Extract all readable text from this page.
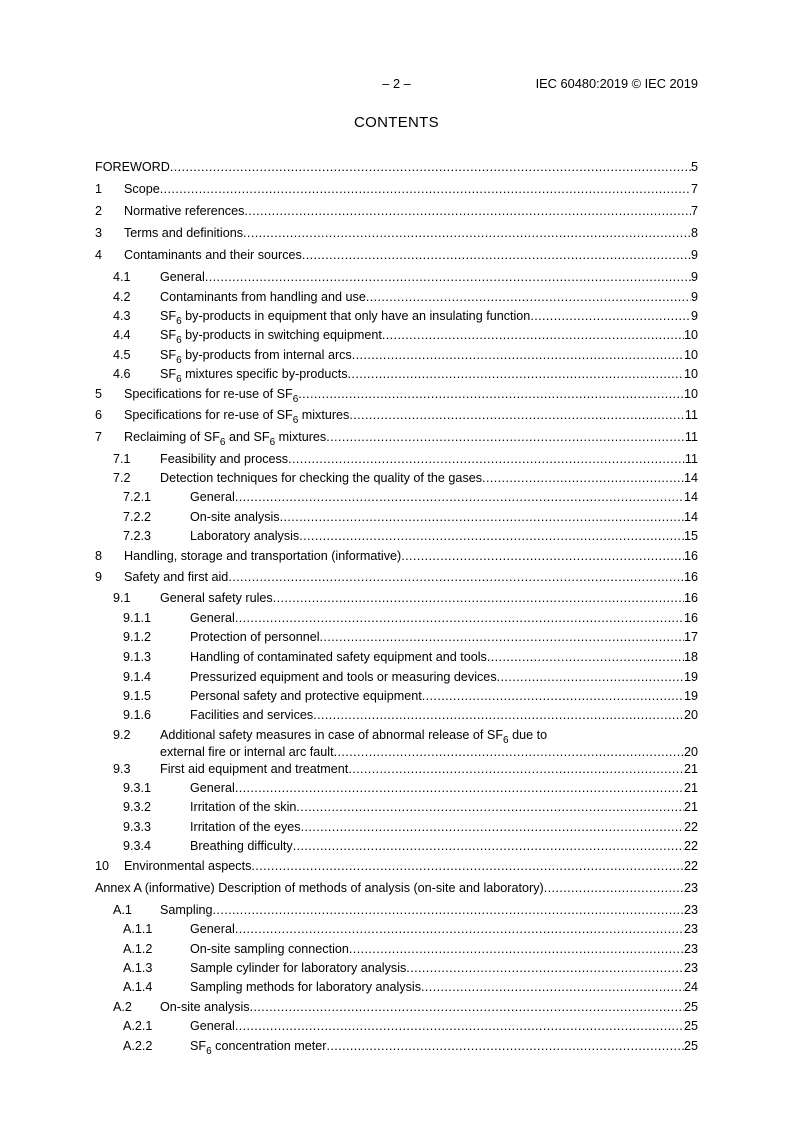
– 2 –	IEC 60480:2019 © IEC 2019
CONTENTS
FOREWORD .....	5
1	Scope .....	7
2	Normative references .....	7
3	Terms and definitions .....	8
4	Contaminants and their sources .....	9
4.1	General .....	9
4.2	Contaminants from handling and use .....	9
4.3	$SF_6$ by-products in equipment that only have an insulating function .....	9
4.4	$SF_6$ by-products in switching equipment .....	10
4.5	$SF_6$ by-products from internal arcs .....	10
4.6	$SF_6$ mixtures specific by-products .....	10
5	Specifications for re-use of $SF_6$ .....	10
6	Specifications for re-use of $SF_6$ mixtures .....	11
7	Reclaiming of $SF_6$ and $SF_6$ mixtures .....	11
7.1	Feasibility and process .....	11
7.2	Detection techniques for checking the quality of the gases .....	14
7.2.1	General .....	14
7.2.2	On-site analysis .....	14
7.2.3	Laboratory analysis .....	15
8	Handling, storage and transportation (informative) .....	16
9	Safety and first aid .....	16
9.1	General safety rules .....	16
9.1.1	General .....	16
9.1.2	Protection of personnel .....	17
9.1.3	Handling of contaminated safety equipment and tools .....	18
9.1.4	Pressurized equipment and tools or measuring devices .....	19
9.1.5	Personal safety and protective equipment .....	19
9.1.6	Facilities and services .....	20
9.2	Additional safety measures in case of abnormal release of $SF_6$ due to
external fire or internal arc fault .....	20
9.3	First aid equipment and treatment .....	21
9.3.1	General .....	21
9.3.2	Irritation of the skin .....	21
9.3.3	Irritation of the eyes .....	22
9.3.4	Breathing difficulty .....	22
10	Environmental aspects .....	22
Annex A (informative) Description of methods of analysis (on-site and laboratory) .....	23
A.1	Sampling .....	23
A.1.1	General .....	23
A.1.2	On-site sampling connection .....	23
A.1.3	Sample cylinder for laboratory analysis .....	23
A.1.4	Sampling methods for laboratory analysis .....	24
A.2	On-site analysis .....	25
A.2.1	General .....	25
A.2.2	$SF_6$ concentration meter .....	25
